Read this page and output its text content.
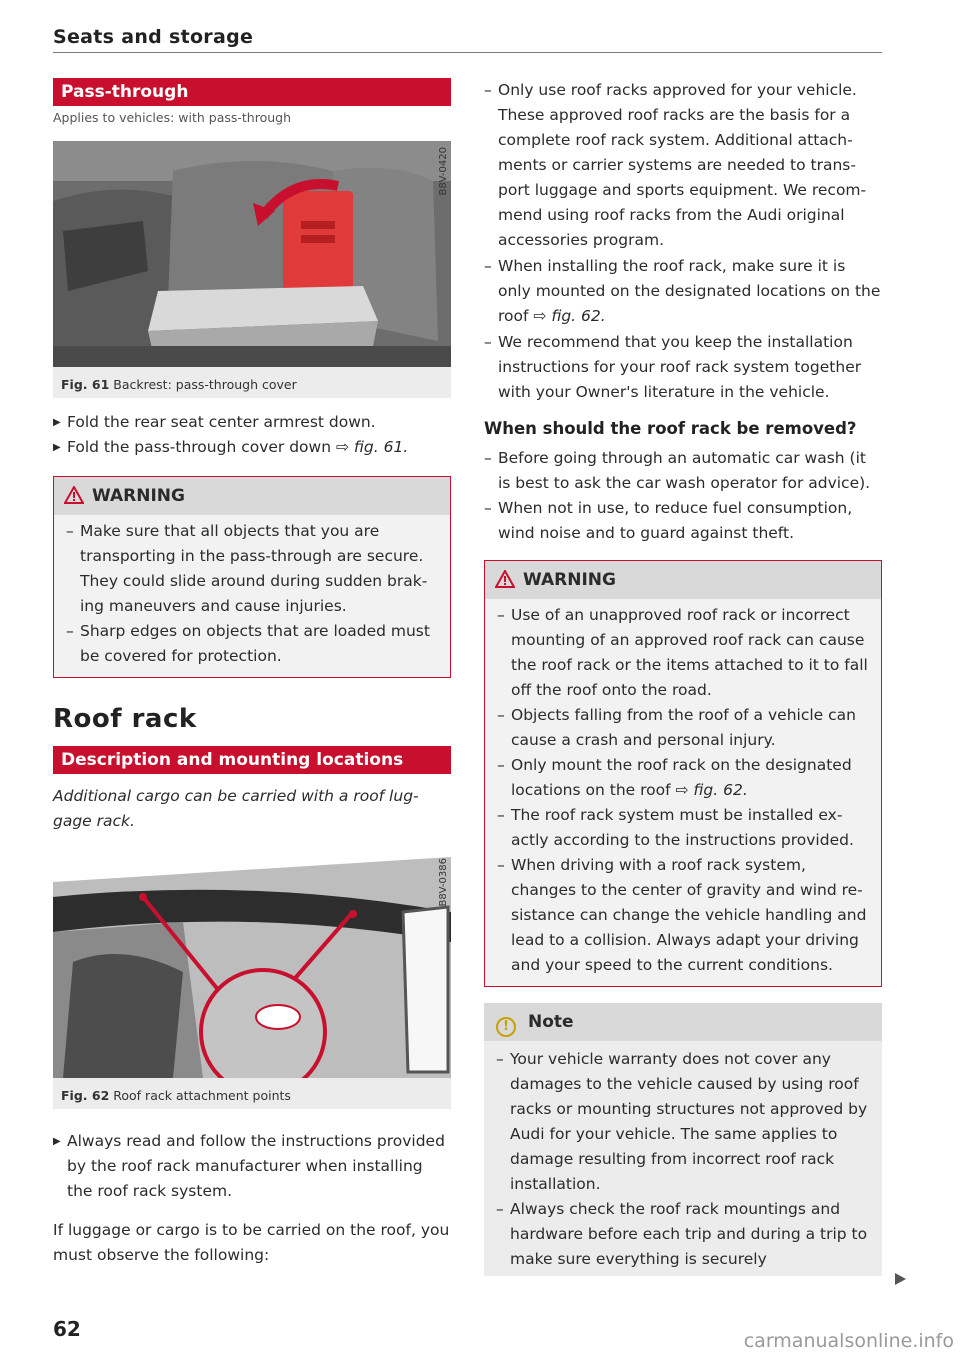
Seats and storage
Pass-through
Applies to vehicles: with pass-through
B8V-0420
Fig. 61 Backrest: pass-through cover
▶ Fold the rear seat center armrest down.
▶ Fold the pass-through cover down ⇨ fig. 61.
WARNING
– Make sure that all objects that you are transporting in the pass-through are secure. They could slide around during sudden braking maneuvers and cause injuries.
– Sharp edges on objects that are loaded must be covered for protection.
Roof rack
Description and mounting locations
Additional cargo can be carried with a roof luggage rack.
B8V-0386
Fig. 62 Roof rack attachment points
▶ Always read and follow the instructions provided by the roof rack manufacturer when installing the roof rack system.

If luggage or cargo is to be carried on the roof, you must observe the following:

– Only use roof racks approved for your vehicle. These approved roof racks are the basis for a complete roof rack system. Additional attachments or carrier systems are needed to transport luggage and sports equipment. We recommend using roof racks from the Audi original accessories program.
– When installing the roof rack, make sure it is only mounted on the designated locations on the roof ⇨ fig. 62.
– We recommend that you keep the installation instructions for your roof rack system together with your Owner's literature in the vehicle.
When should the roof rack be removed?
– Before going through an automatic car wash (it is best to ask the car wash operator for advice).
– When not in use, to reduce fuel consumption, wind noise and to guard against theft.
WARNING
– Use of an unapproved roof rack or incorrect mounting of an approved roof rack can cause the roof rack or the items attached to it to fall off the roof onto the road.
– Objects falling from the roof of a vehicle can cause a crash and personal injury.
– Only mount the roof rack on the designated locations on the roof ⇨ fig. 62.
– The roof rack system must be installed exactly according to the instructions provided.
– When driving with a roof rack system, changes to the center of gravity and wind resistance can change the vehicle handling and lead to a collision. Always adapt your driving and your speed to the current conditions.
! Note
– Your vehicle warranty does not cover any damages to the vehicle caused by using roof racks or mounting structures not approved by Audi for your vehicle. The same applies to damage resulting from incorrect roof rack installation.
– Always check the roof rack mountings and hardware before each trip and during a trip to make sure everything is securely
62	carmanualsonline.info
